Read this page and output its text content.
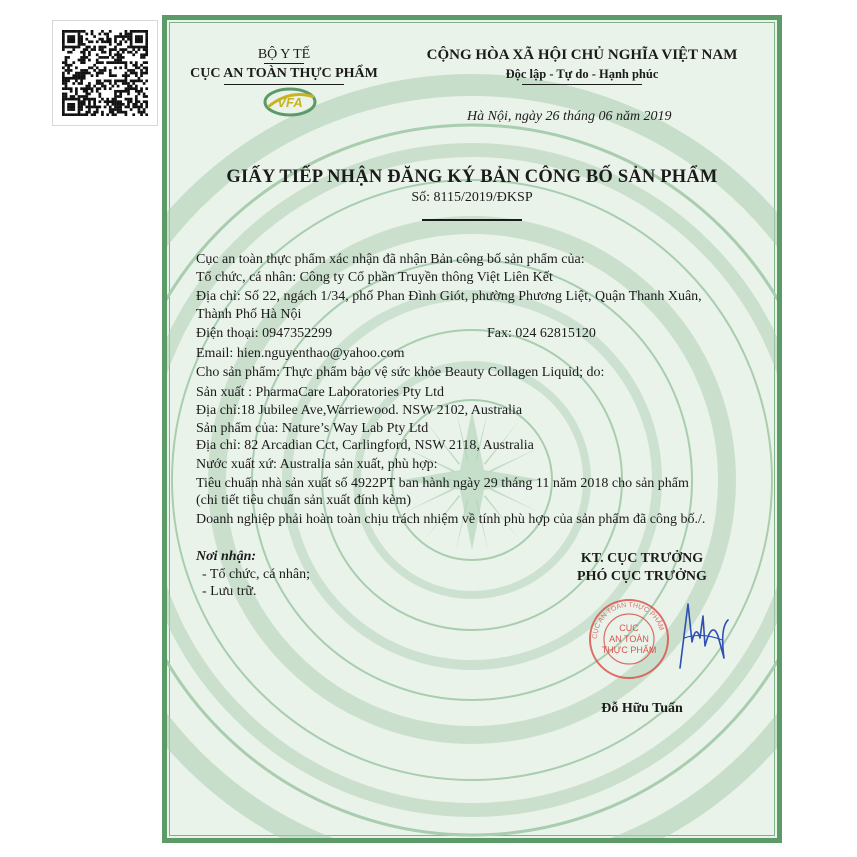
BỘ Y TẾ
CỤC AN TOÀN THỰC PHẨM
VFA
CỘNG HÒA XÃ HỘI CHỦ NGHĨA VIỆT NAM
Độc lập - Tự do - Hạnh phúc
Hà Nội, ngày 26 tháng 06 năm 2019
GIẤY TIẾP NHẬN ĐĂNG KÝ BẢN CÔNG BỐ SẢN PHẨM
Số: 8115/2019/ĐKSP
Cục an toàn thực phẩm xác nhận đã nhận Bản công bố sản phẩm của:
Tổ chức, cá nhân: Công ty Cổ phần Truyền thông Việt Liên Kết
Địa chỉ: Số 22, ngách 1/34, phố Phan Đình Giót, phường Phương Liệt, Quận Thanh Xuân,
Thành Phố Hà Nội
Điện thoại: 0947352299	Fax: 024 62815120
Email: hien.nguyenthao@yahoo.com
Cho sản phẩm: Thực phẩm bảo vệ sức khỏe Beauty Collagen Liquid; do:
Sản xuất : PharmaCare Laboratories Pty Ltd
Địa chỉ:18 Jubilee Ave,Warriewood. NSW 2102, Australia
Sản phẩm của: Nature’s Way Lab Pty Ltd
Địa chỉ: 82 Arcadian Cct, Carlingford, NSW 2118, Australia
Nước xuất xứ: Australia sản xuất, phù hợp:
Tiêu chuẩn nhà sản xuất số 4922PT ban hành ngày 29 tháng 11 năm 2018 cho sản phẩm
(chi tiết tiêu chuẩn sản xuất đính kèm)
Doanh nghiệp phải hoàn toàn chịu trách nhiệm về tính phù hợp của sản phẩm đã công bố./.
Nơi nhận:
- Tổ chức, cá nhân;
- Lưu trữ.
KT. CỤC TRƯỞNG
PHÓ CỤC TRƯỞNG
CỤC AN TOÀN THỰC PHẨM
CỤC
AN TOÀN
THỰC PHẨM
Đỗ Hữu Tuấn
